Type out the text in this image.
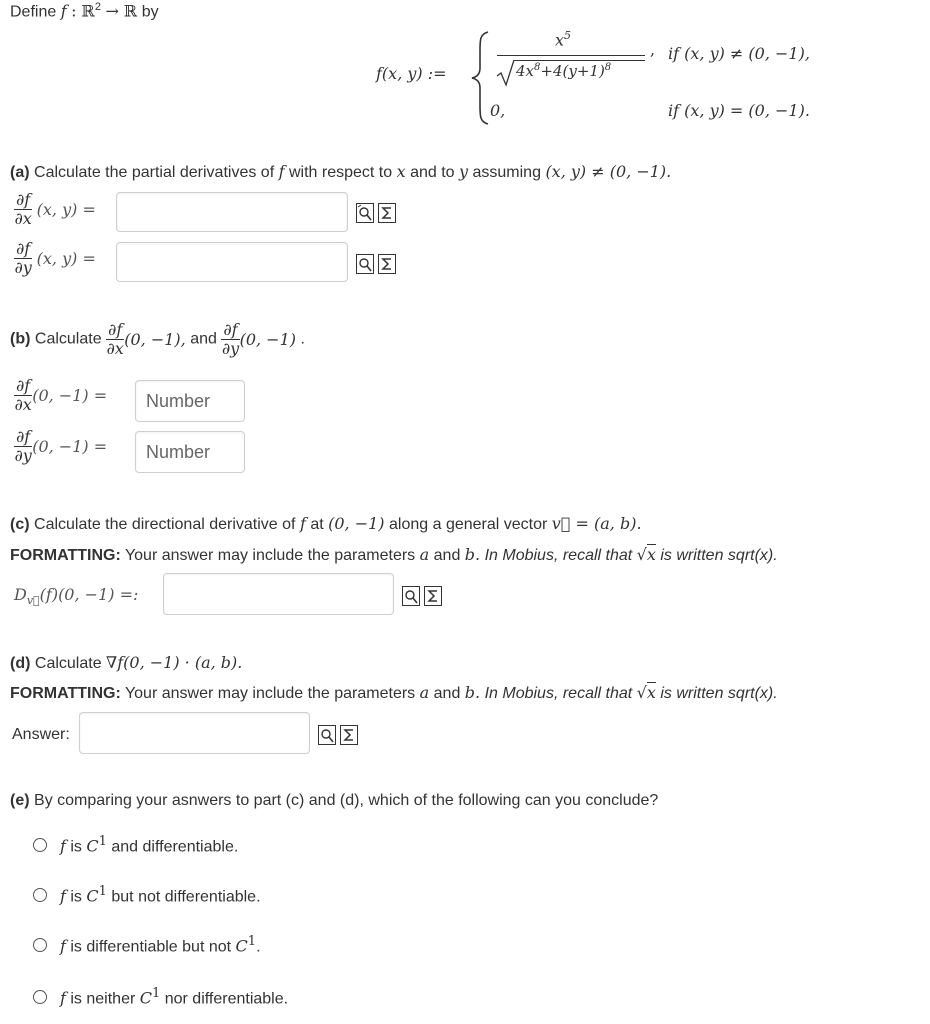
Define f : ℝ$^2$ → ℝ by
f(x, y) :=
$x^5$
$4x^8+4(y+1)^8$
, if (x, y) ≠ (0, −1),
0,	if (x, y) = (0, −1).
(a) Calculate the partial derivatives of f with respect to x and to y assuming (x, y) ≠ (0, −1).
$\frac{\partial f}{\partial x} (x$, y) =
$\frac{\partial f}{\partial y} (x$, y) =
(b) Calculate $\frac{\partial f}{\partial x} (0$, −1), and $\frac{\partial f}{\partial y} (0$, −1) .
$\frac{\partial f}{\partial x} (0$, −1) =
Number
$\frac{\partial f}{\partial y} (0$, −1) =
Number
(c) Calculate the directional derivative of f at (0, −1) along a general vector v⃗ = (a, b).
FORMATTING: Your answer may include the parameters a and b. In Mobius, recall that √x is written sqrt(x).
$D_{v⃗}(f)(0$, −1) =:
(d) Calculate ∇f(0, −1) · (a, b).
FORMATTING: Your answer may include the parameters a and b. In Mobius, recall that √x is written sqrt(x).
Answer:
(e) By comparing your asnwers to part (c) and (d), which of the following can you conclude?
f is $C^1$ and differentiable.
f is $C^1$ but not differentiable.
f is differentiable but not $C^1$.
f is neither $C^1$ nor differentiable.
